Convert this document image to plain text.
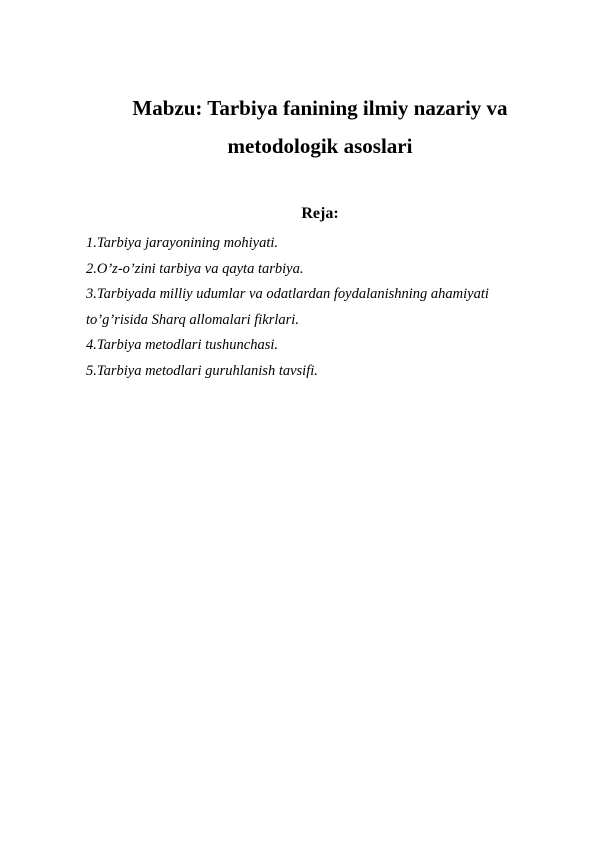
Mabzu: Tarbiya fanining ilmiy nazariy va
metodologik asoslari
Reja:
1.Tarbiya jarayonining mohiyati.
2.O’z-o’zini tarbiya va qayta tarbiya.
3.Tarbiyada milliy udumlar va odatlardan foydalanishning ahamiyati
to’g’risida Sharq allomalari fikrlari.
4.Tarbiya metodlari tushunchasi.
5.Tarbiya metodlari guruhlanish tavsifi.
